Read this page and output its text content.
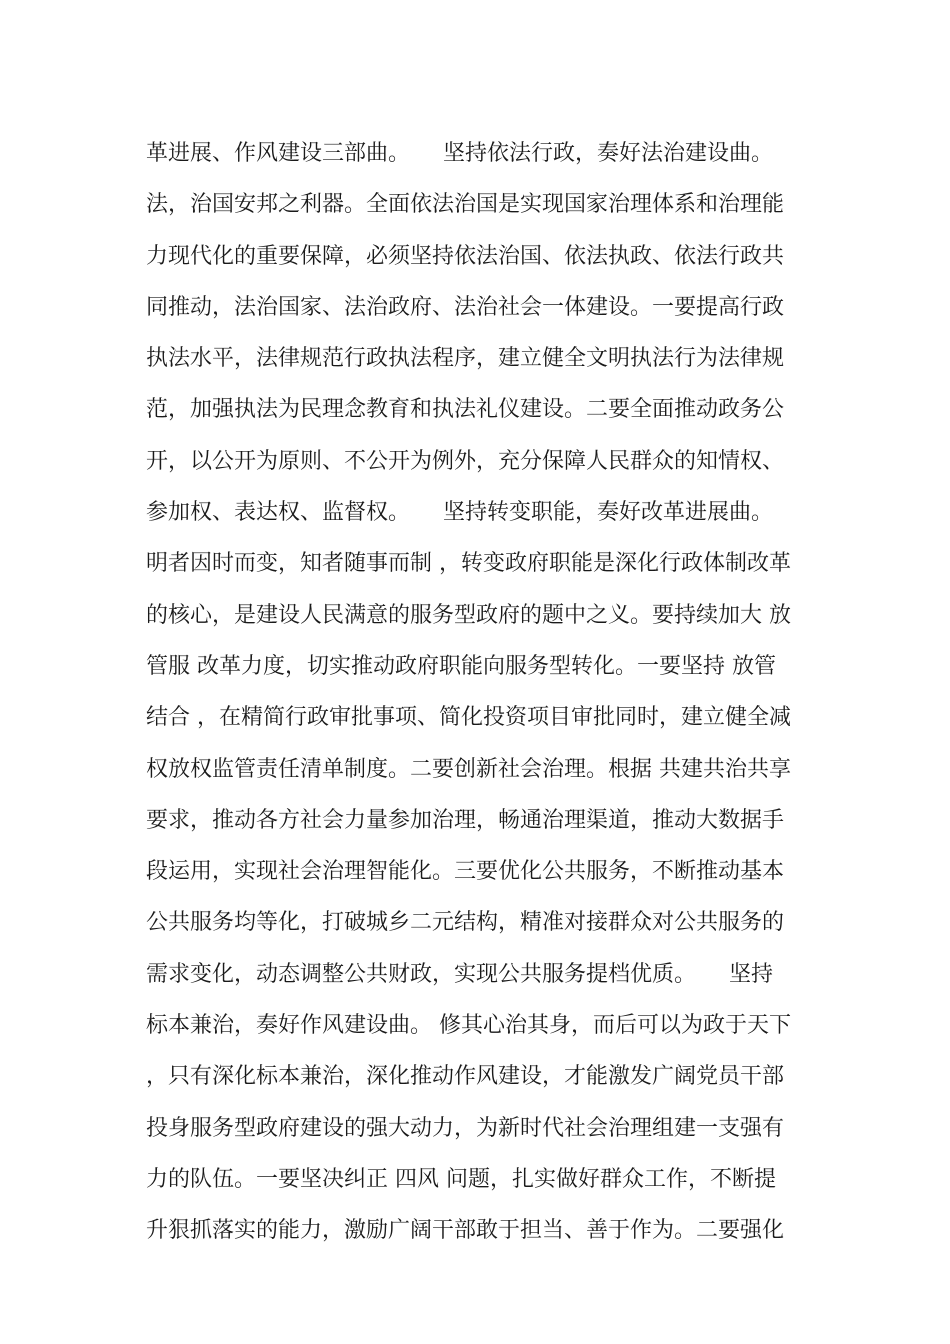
革进展、作风建设三部曲。　　坚持依法行政，奏好法治建设曲。
法，治国安邦之利器。全面依法治国是实现国家治理体系和治理能
力现代化的重要保障，必须坚持依法治国、依法执政、依法行政共
同推动，法治国家、法治政府、法治社会一体建设。一要提高行政
执法水平，法律规范行政执法程序，建立健全文明执法行为法律规
范，加强执法为民理念教育和执法礼仪建设。二要全面推动政务公
开，以公开为原则、不公开为例外，充分保障人民群众的知情权、
参加权、表达权、监督权。　　坚持转变职能，奏好改革进展曲。
明者因时而变，知者随事而制 ，转变政府职能是深化行政体制改革
的核心，是建设人民满意的服务型政府的题中之义。要持续加大 放
管服 改革力度，切实推动政府职能向服务型转化。一要坚持 放管
结合 ，在精简行政审批事项、简化投资项目审批同时，建立健全减
权放权监管责任清单制度。二要创新社会治理。根据 共建共治共享
要求，推动各方社会力量参加治理，畅通治理渠道，推动大数据手
段运用，实现社会治理智能化。三要优化公共服务，不断推动基本
公共服务均等化，打破城乡二元结构，精准对接群众对公共服务的
需求变化，动态调整公共财政，实现公共服务提档优质。　　坚持
标本兼治，奏好作风建设曲。 修其心治其身，而后可以为政于天下
，只有深化标本兼治，深化推动作风建设，才能激发广阔党员干部
投身服务型政府建设的强大动力，为新时代社会治理组建一支强有
力的队伍。一要坚决纠正 四风 问题，扎实做好群众工作，不断提
升狠抓落实的能力，激励广阔干部敢于担当、善于作为。二要强化
